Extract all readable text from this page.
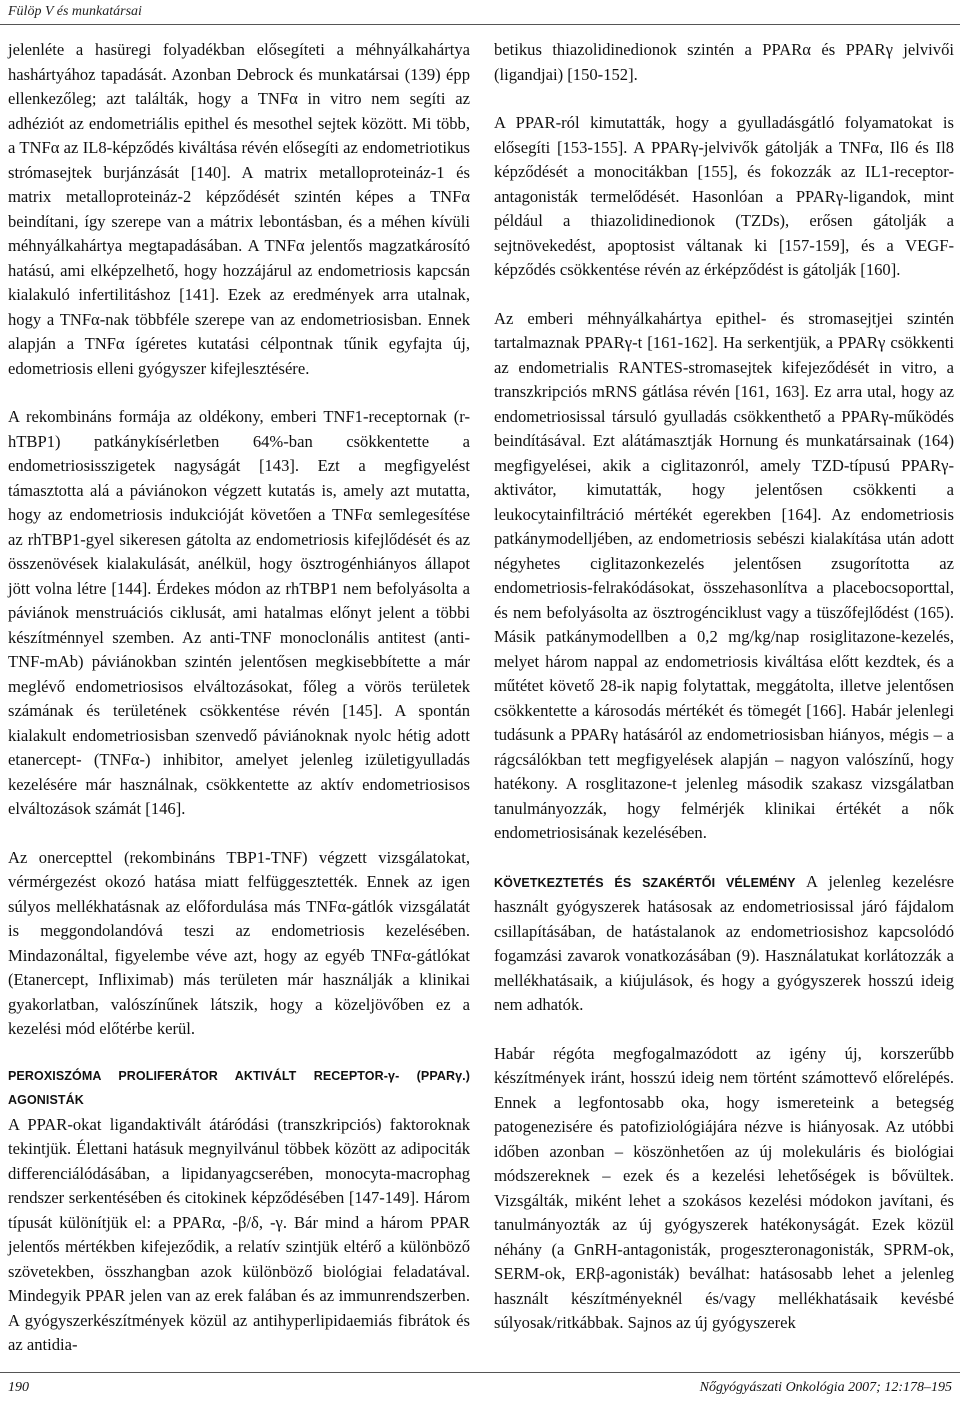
Fülöp V és munkatársai

jelenléte a hasüregi folyadékban elősegíteti a méhnyálkahártya hashártyához tapadását. Azonban Debrock és munkatársai (139) épp ellenkezőleg; azt találták, hogy a TNFα in vitro nem segíti az adhéziót az endometriális epithel és mesothel sejtek között. Mi több, a TNFα az IL8-képződés kiváltása révén elősegíti az endometriotikus strómasejtek burjánzását [140]. A matrix metalloproteináz-1 és matrix metalloproteináz-2 képződését szintén képes a TNFα beindítani, így szerepe van a mátrix lebontásban, és a méhen kívüli méhnyálkahártya megtapadásában. A TNFα jelentős magzatkárosító hatású, ami elképzelhető, hogy hozzájárul az endometriosis kapcsán kialakuló infertilitáshoz [141]. Ezek az eredmények arra utalnak, hogy a TNFα-nak többféle szerepe van az endometriosisban. Ennek alapján a TNFα ígéretes kutatási célpontnak tűnik egyfajta új, edometriosis elleni gyógyszer kifejlesztésére.

A rekombináns formája az oldékony, emberi TNF1-receptornak (r-hTBP1) patkánykísérletben 64%-ban csökkentette a endometriosisszigetek nagyságát [143]. Ezt a megfigyelést támasztotta alá a páviánokon végzett kutatás is, amely azt mutatta, hogy az endometriosis indukcióját követően a TNFα semlegesítése az rhTBP1-gyel sikeresen gátolta az endometriosis kifejlődését és az összenövések kialakulását, anélkül, hogy ösztrogénhiányos állapot jött volna létre [144]. Érdekes módon az rhTBP1 nem befolyásolta a páviánok menstruációs ciklusát, ami hatalmas előnyt jelent a többi készítménnyel szemben. Az anti-TNF monoclonális antitest (anti-TNF-mAb) páviánokban szintén jelentősen megkisebbítette a már meglévő endometriosisos elváltozásokat, főleg a vörös területek számának és területének csökkentése révén [145]. A spontán kialakult endometriosisban szenvedő páviánoknak nyolc hétig adott etanercept- (TNFα-) inhibitor, amelyet jelenleg izületigyulladás kezelésére már használnak, csökkentette az aktív endometriosisos elváltozások számát [146].

Az onercepttel (rekombináns TBP1-TNF) végzett vizsgálatokat, vérmérgezést okozó hatása miatt felfüggesztették. Ennek az igen súlyos mellékhatásnak az előfordulása más TNFα-gátlók vizsgálatát is meggondolandóvá teszi az endometriosis kezelésében. Mindazonáltal, figyelembe véve azt, hogy az egyéb TNFα-gátlókat (Etanercept, Infliximab) más területen már használják a klinikai gyakorlatban, valószínűnek látszik, hogy a közeljövőben ez a kezelési mód előtérbe kerül.

PEROXISZÓMA PROLIFERÁTOR AKTIVÁLT RECEPTOR-γ- (PPARγ.) AGONISTÁK

A PPAR-okat ligandaktivált átáródási (transzkripciós) faktoroknak tekintjük. Élettani hatásuk megnyilvánul többek között az adipociták differenciálódásában, a lipidanyagcserében, monocyta-macrophag rendszer serkentésében és citokinek képződésében [147-149]. Három típusát különítjük el: a PPARα, -β/δ, -γ. Bár mind a három PPAR jelentős mértékben kifejeződik, a relatív szintjük eltérő a különböző szövetekben, összhangban azok különböző biológiai feladatával. Mindegyik PPAR jelen van az erek falában és az immunrendszerben. A gyógyszerkészítmények közül az antihyperlipidaemiás fibrátok és az antidia-

betikus thiazolidinedionok szintén a PPARα és PPARγ jelvivői (ligandjai) [150-152].

A PPAR-ról kimutatták, hogy a gyulladásgátló folyamatokat is elősegíti [153-155]. A PPARγ-jelvivők gátolják a TNFα, Il6 és Il8 képződését a monocitákban [155], és fokozzák az IL1-receptor-antagonisták termelődését. Hasonlóan a PPARγ-ligandok, mint például a thiazolidinedionok (TZDs), erősen gátolják a sejtnövekedést, apoptosist váltanak ki [157-159], és a VEGF-képződés csökkentése révén az érképződést is gátolják [160].

Az emberi méhnyálkahártya epithel- és stromasejtjei szintén tartalmaznak PPARγ-t [161-162]. Ha serkentjük, a PPARγ csökkenti az endometrialis RANTES-stromasejtek kifejeződését in vitro, a transzkripciós mRNS gátlása révén [161, 163]. Ez arra utal, hogy az endometriosissal társuló gyulladás csökkenthető a PPARγ-működés beindításával. Ezt alátámasztják Hornung és munkatársainak (164) megfigyelései, akik a ciglitazonról, amely TZD-típusú PPARγ-aktivátor, kimutatták, hogy jelentősen csökkenti a leukocytainfiltráció mértékét egerekben [164]. Az endometriosis patkánymodelljében, az endometriosis sebészi kialakítása után adott négyhetes ciglitazonkezelés jelentősen zsugorította az endometriosis-felrakódásokat, összehasonlítva a placebocsoporttal, és nem befolyásolta az ösztrogénciklust vagy a tüszőfejlődést (165). Másik patkánymodellben a 0,2 mg/kg/nap rosiglitazone-kezelés, melyet három nappal az endometriosis kiváltása előtt kezdtek, és a műtétet követő 28-ik napig folytattak, meggátolta, illetve jelentősen csökkentette a károsodás mértékét és tömegét [166]. Habár jelenlegi tudásunk a PPARγ hatásáról az endometriosisban hiányos, mégis – a rágcsálókban tett megfigyelések alapján – nagyon valószínű, hogy hatékony. A rosglitazone-t jelenleg második szakasz vizsgálatban tanulmányozzák, hogy felmérjék klinikai értékét a nők endometriosisának kezelésében.

KÖVETKEZTETÉS ÉS SZAKÉRTŐI VÉLEMÉNY A jelenleg kezelésre használt gyógyszerek hatásosak az endometriosissal járó fájdalom csillapításában, de hatástalanok az endometriosishoz kapcsolódó fogamzási zavarok vonatkozásában (9). Használatukat korlátozzák a mellékhatásaik, a kiújulások, és hogy a gyógyszerek hosszú ideig nem adhatók.

Habár régóta megfogalmazódott az igény új, korszerűbb készítmények iránt, hosszú ideig nem történt számottevő előrelépés. Ennek a legfontosabb oka, hogy ismereteink a betegség patogenezisére és patofiziológiájára nézve is hiányosak. Az utóbbi időben azonban – köszönhetően az új molekuláris és biológiai módszereknek – ezek és a kezelési lehetőségek is bővültek. Vizsgálták, miként lehet a szokásos kezelési módokon javítani, és tanulmányozták az új gyógyszerek hatékonyságát. Ezek közül néhány (a GnRH-antagonisták, progeszteronagonisták, SPRM-ok, SERM-ok, ERβ-agonisták) beválhat: hatásosabb lehet a jelenleg használt készítményeknél és/vagy mellékhatásaik kevésbé súlyosak/ritkábbak. Sajnos az új gyógyszerek

190	Nőgyógyászati Onkológia 2007; 12:178–195
